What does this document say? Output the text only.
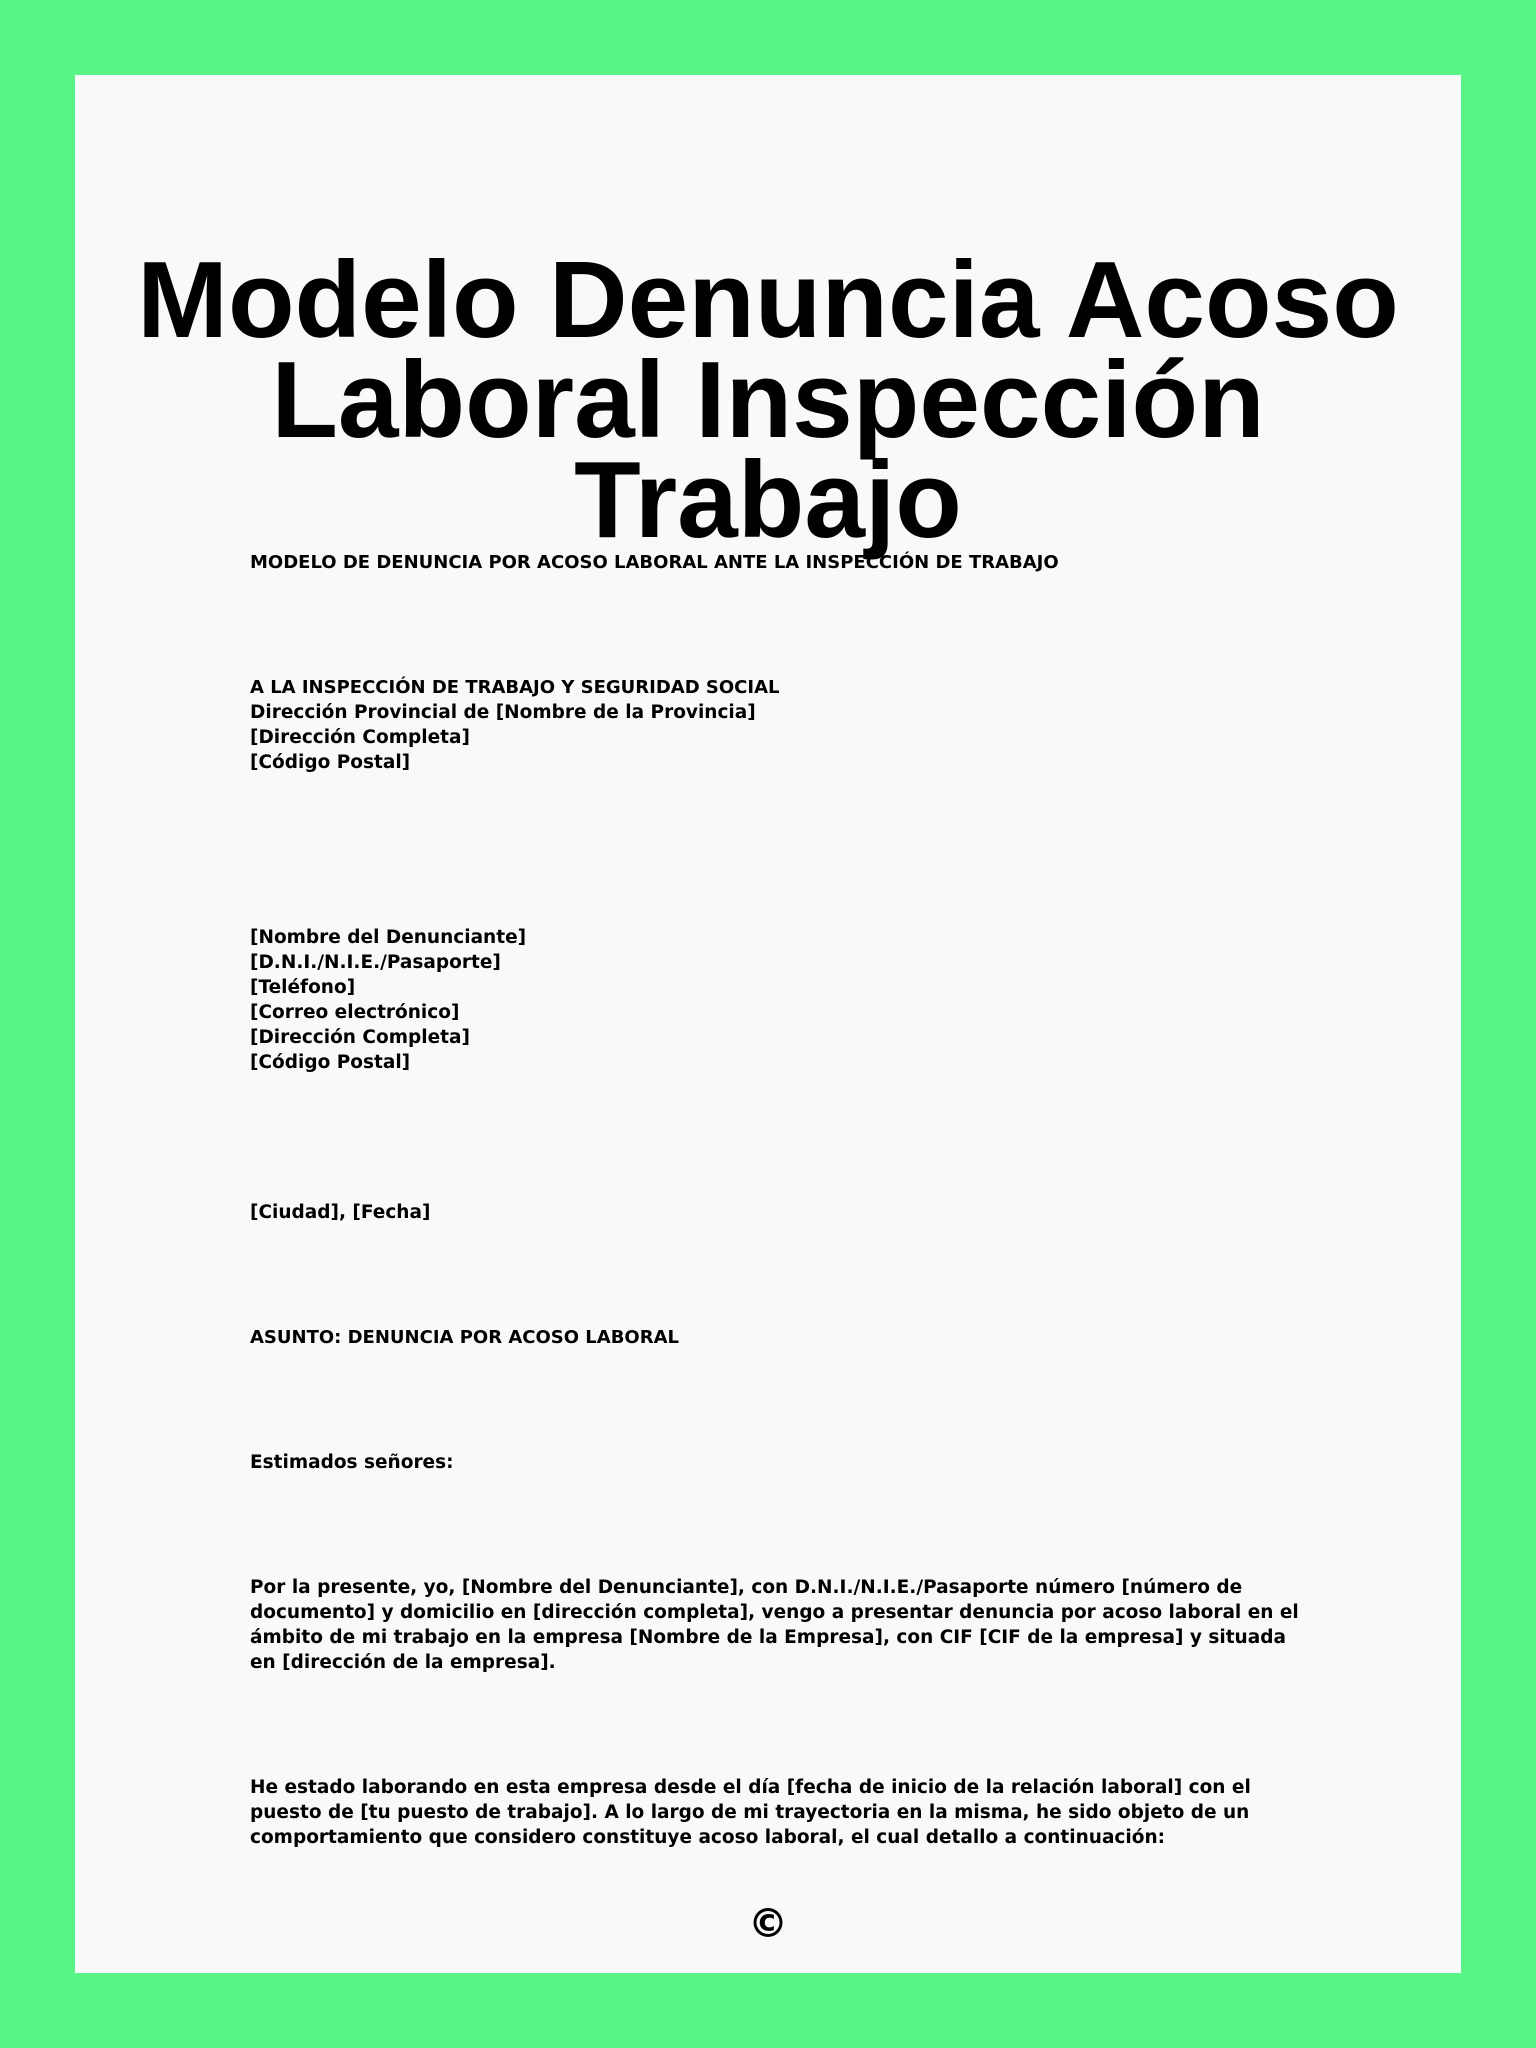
Modelo Denuncia Acoso
Laboral Inspección Trabajo
MODELO DE DENUNCIA POR ACOSO LABORAL ANTE LA INSPECCIÓN DE TRABAJO
A LA INSPECCIÓN DE TRABAJO Y SEGURIDAD SOCIAL
Dirección Provincial de [Nombre de la Provincia]
[Dirección Completa]
[Código Postal]
[Nombre del Denunciante]
[D.N.I./N.I.E./Pasaporte]
[Teléfono]
[Correo electrónico]
[Dirección Completa]
[Código Postal]
[Ciudad], [Fecha]
ASUNTO: DENUNCIA POR ACOSO LABORAL
Estimados señores:
Por la presente, yo, [Nombre del Denunciante], con D.N.I./N.I.E./Pasaporte número [número de documento] y domicilio en [dirección completa], vengo a presentar denuncia por acoso laboral en el ámbito de mi trabajo en la empresa [Nombre de la Empresa], con CIF [CIF de la empresa] y situada en [dirección de la empresa].
He estado laborando en esta empresa desde el día [fecha de inicio de la relación laboral] con el puesto de [tu puesto de trabajo]. A lo largo de mi trayectoria en la misma, he sido objeto de un comportamiento que considero constituye acoso laboral, el cual detallo a continuación:
©
